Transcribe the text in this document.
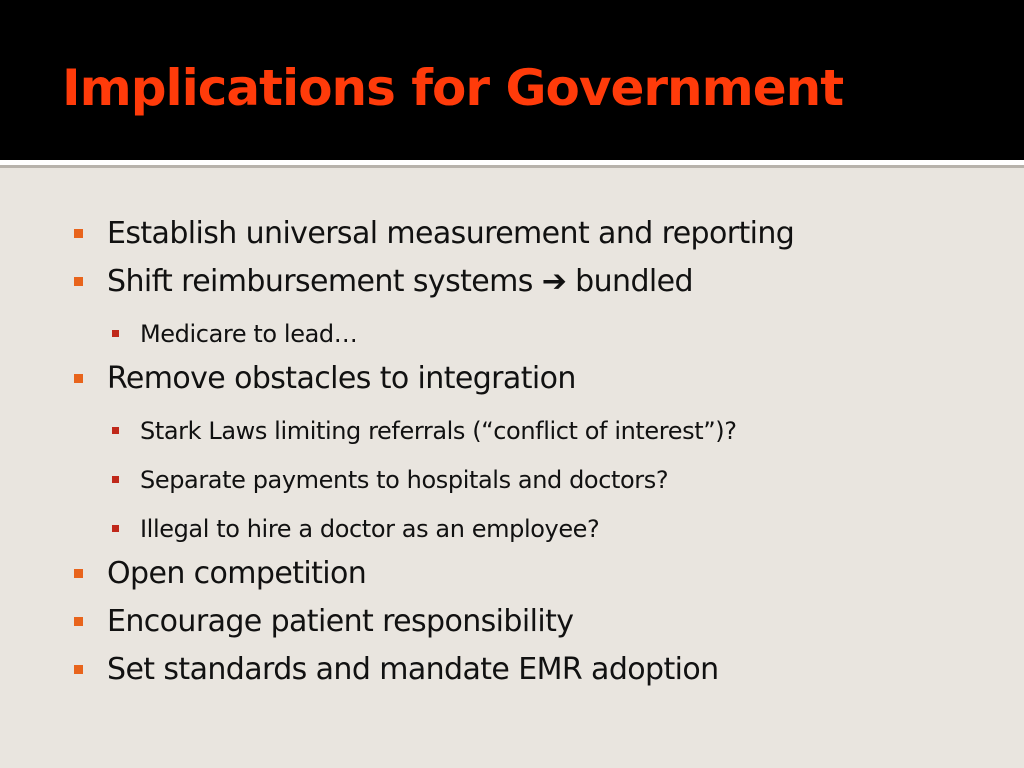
Implications for Government
Establish universal measurement and reporting
Shift reimbursement systems ➔ bundled
Medicare to lead…
Remove obstacles to integration
Stark Laws limiting referrals (“conflict of interest”)?
Separate payments to hospitals and doctors?
Illegal to hire a doctor as an employee?
Open competition
Encourage patient responsibility
Set standards and mandate EMR adoption
